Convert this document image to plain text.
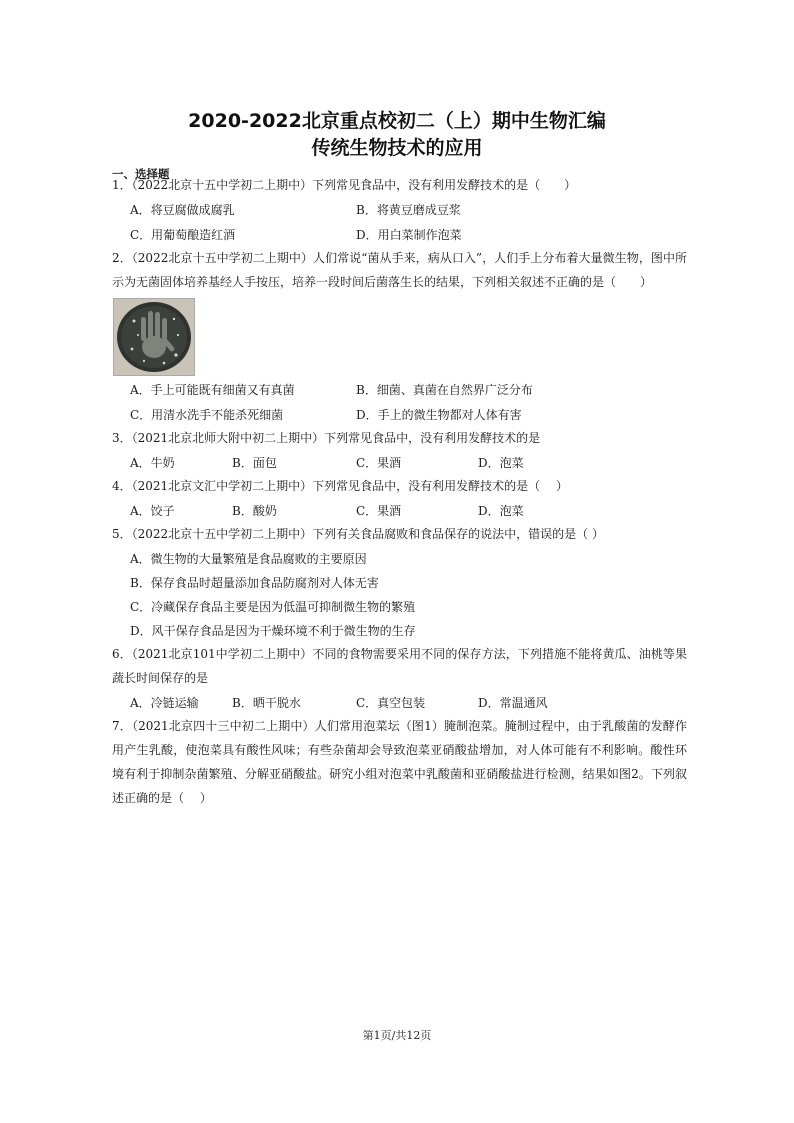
2020-2022北京重点校初二（上）期中生物汇编
传统生物技术的应用
一、选择题
1．（2022北京十五中学初二上期中）下列常见食品中，没有利用发酵技术的是（　　）
A．将豆腐做成腐乳	B．将黄豆磨成豆浆
C．用葡萄酿造红酒	D．用白菜制作泡菜
2．（2022北京十五中学初二上期中）人们常说“菌从手来，病从口入”，人们手上分布着大量微生物，图中所示为无菌固体培养基经人手按压，培养一段时间后菌落生长的结果，下列相关叙述不正确的是（　　）
A．手上可能既有细菌又有真菌	B．细菌、真菌在自然界广泛分布
C．用清水洗手不能杀死细菌	D．手上的微生物都对人体有害
3．（2021北京北师大附中初二上期中）下列常见食品中，没有利用发酵技术的是
A．牛奶	B．面包	C．果酒	D．泡菜
4．（2021北京文汇中学初二上期中）下列常见食品中，没有利用发酵技术的是（　 ）
A．饺子	B．酸奶	C．果酒	D．泡菜
5．（2022北京十五中学初二上期中）下列有关食品腐败和食品保存的说法中，错误的是（ ）
A．微生物的大量繁殖是食品腐败的主要原因
B．保存食品时超量添加食品防腐剂对人体无害
C．冷藏保存食品主要是因为低温可抑制微生物的繁殖
D．风干保存食品是因为干燥环境不利于微生物的生存
6．（2021北京101中学初二上期中）不同的食物需要采用不同的保存方法，下列措施不能将黄瓜、油桃等果蔬长时间保存的是
A．冷链运输	B．晒干脱水	C．真空包装	D．常温通风
7．（2021北京四十三中初二上期中）人们常用泡菜坛（图1）腌制泡菜。腌制过程中，由于乳酸菌的发酵作用产生乳酸，使泡菜具有酸性风味；有些杂菌却会导致泡菜亚硝酸盐增加，对人体可能有不利影响。酸性环境有利于抑制杂菌繁殖、分解亚硝酸盐。研究小组对泡菜中乳酸菌和亚硝酸盐进行检测，结果如图2。下列叙述正确的是（　 ）
第1页/共12页
